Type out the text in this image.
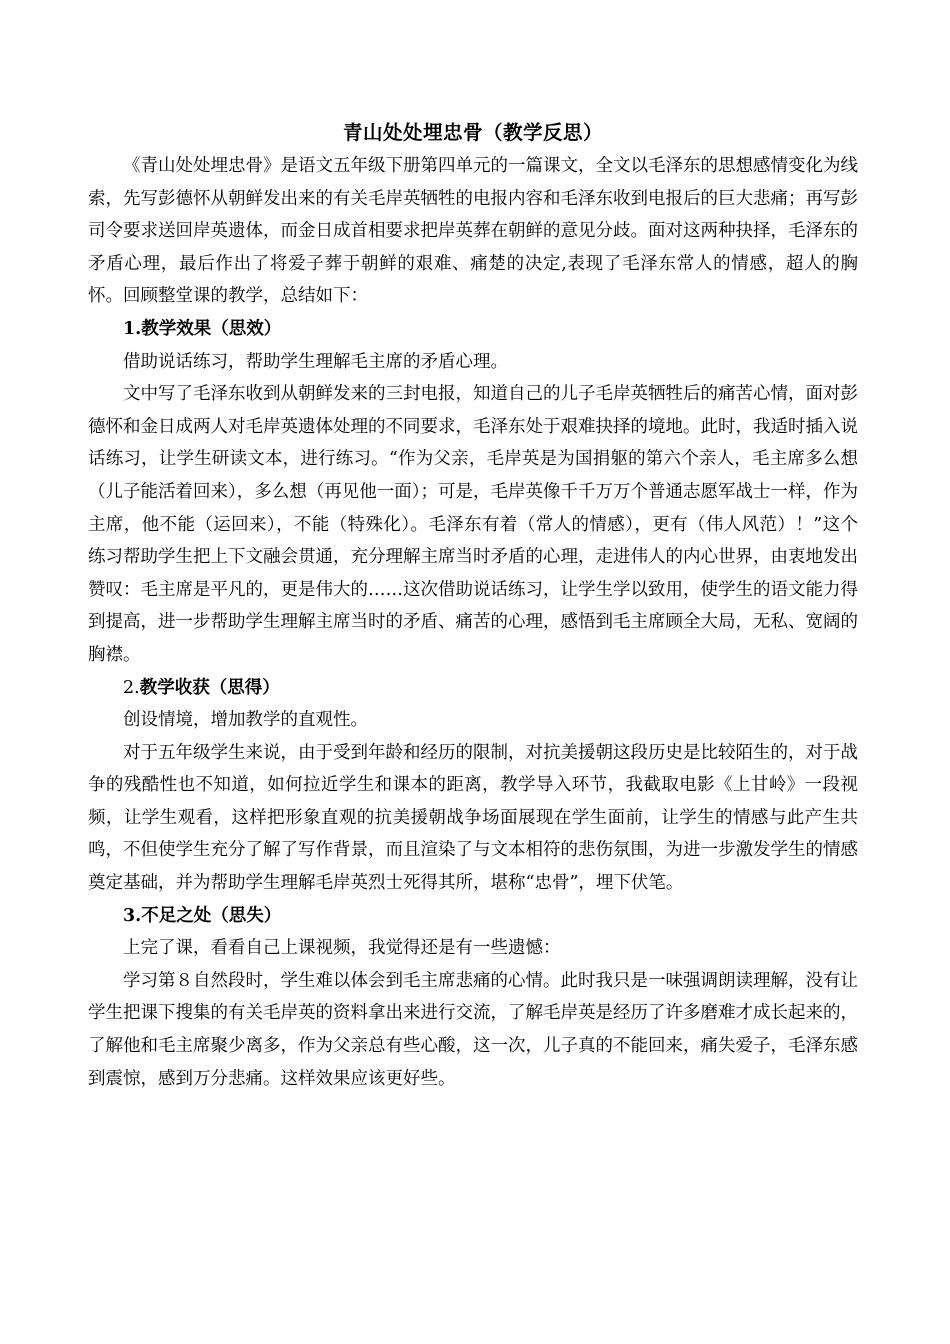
青山处处埋忠骨（教学反思）

《青山处处埋忠骨》是语文五年级下册第四单元的一篇课文，全文以毛泽东的思想感情变化为线索，先写彭德怀从朝鲜发出来的有关毛岸英牺牲的电报内容和毛泽东收到电报后的巨大悲痛；再写彭司令要求送回岸英遗体，而金日成首相要求把岸英葬在朝鲜的意见分歧。面对这两种抉择，毛泽东的矛盾心理，最后作出了将爱子葬于朝鲜的艰难、痛楚的决定,表现了毛泽东常人的情感，超人的胸怀。回顾整堂课的教学，总结如下：

1.教学效果（思效）

借助说话练习，帮助学生理解毛主席的矛盾心理。

文中写了毛泽东收到从朝鲜发来的三封电报，知道自己的儿子毛岸英牺牲后的痛苦心情，面对彭德怀和金日成两人对毛岸英遗体处理的不同要求，毛泽东处于艰难抉择的境地。此时，我适时插入说话练习，让学生研读文本，进行练习。“作为父亲，毛岸英是为国捐躯的第六个亲人，毛主席多么想（儿子能活着回来），多么想（再见他一面）；可是，毛岸英像千千万万个普通志愿军战士一样，作为主席，他不能（运回来），不能（特殊化）。毛泽东有着（常人的情感），更有（伟人风范）！”这个练习帮助学生把上下文融会贯通，充分理解主席当时矛盾的心理，走进伟人的内心世界，由衷地发出赞叹：毛主席是平凡的，更是伟大的……这次借助说话练习，让学生学以致用，使学生的语文能力得到提高，进一步帮助学生理解主席当时的矛盾、痛苦的心理，感悟到毛主席顾全大局，无私、宽阔的胸襟。

2.教学收获（思得）

创设情境，增加教学的直观性。

对于五年级学生来说，由于受到年龄和经历的限制，对抗美援朝这段历史是比较陌生的，对于战争的残酷性也不知道，如何拉近学生和课本的距离，教学导入环节，我截取电影《上甘岭》一段视频，让学生观看，这样把形象直观的抗美援朝战争场面展现在学生面前，让学生的情感与此产生共鸣，不但使学生充分了解了写作背景，而且渲染了与文本相符的悲伤氛围，为进一步激发学生的情感奠定基础，并为帮助学生理解毛岸英烈士死得其所，堪称“忠骨”，埋下伏笔。

3.不足之处（思失）

上完了课，看看自己上课视频，我觉得还是有一些遗憾：

学习第８自然段时，学生难以体会到毛主席悲痛的心情。此时我只是一味强调朗读理解，没有让学生把课下搜集的有关毛岸英的资料拿出来进行交流，了解毛岸英是经历了许多磨难才成长起来的，了解他和毛主席聚少离多，作为父亲总有些心酸，这一次，儿子真的不能回来，痛失爱子，毛泽东感到震惊，感到万分悲痛。这样效果应该更好些。
